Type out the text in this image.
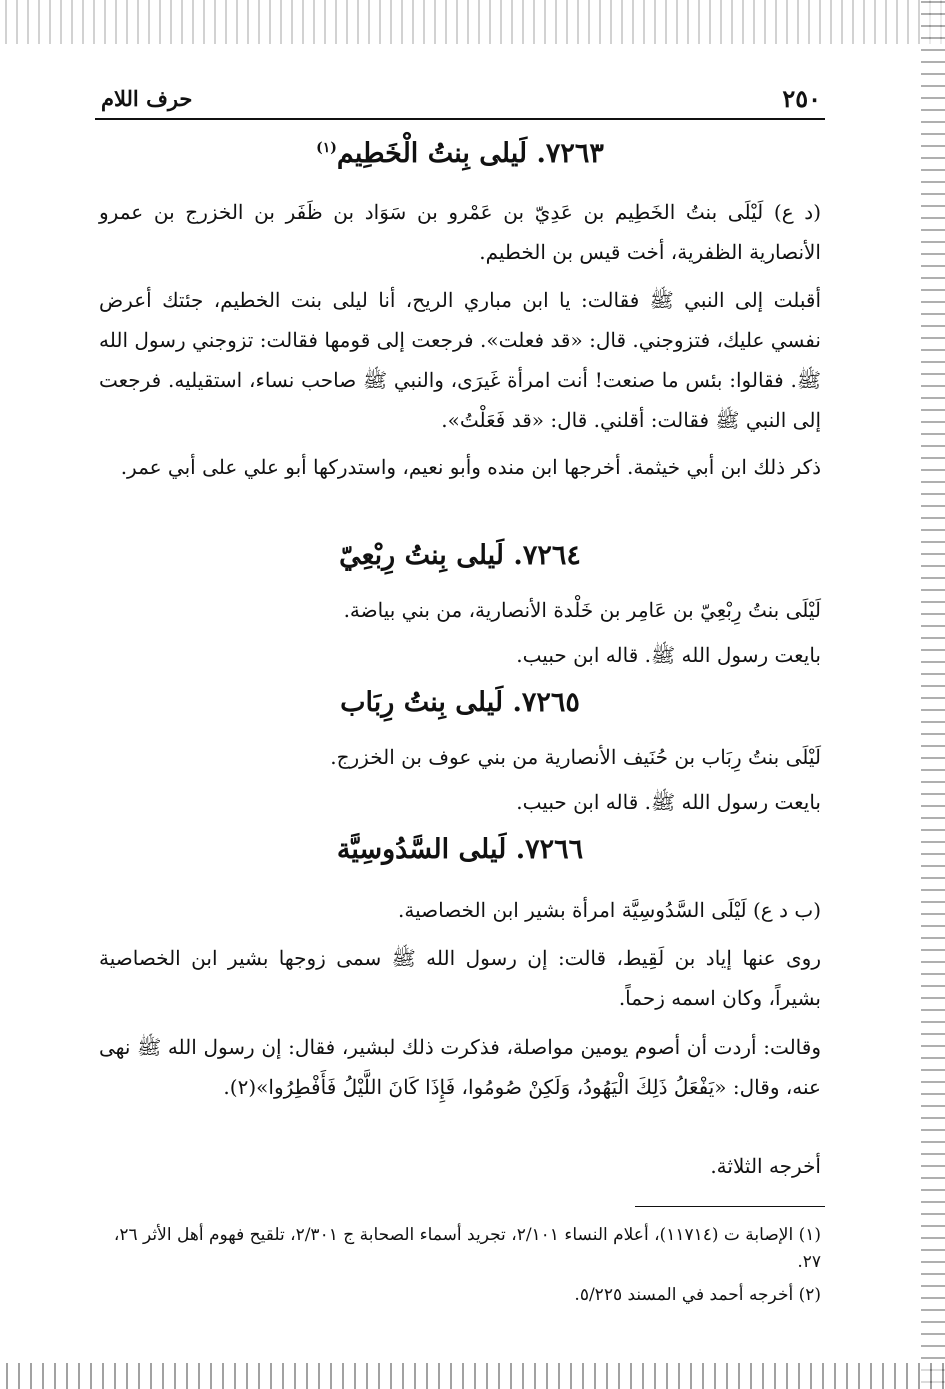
٢٥٠
حرف اللام
٧٢٦٣. لَيلى بِنتُ الْخَطِيم$^{(١)}$
(د ع) لَيْلَى بنتُ الخَطِيم بن عَدِيّ بن عَمْرو بن سَوَاد بن ظَفَر بن الخزرج بن عمرو الأنصارية الظفرية، أخت قيس بن الخطيم.
أقبلت إلى النبي ﷺ فقالت: يا ابن مباري الريح، أنا ليلى بنت الخطيم، جئتك أعرض نفسي عليك، فتزوجني. قال: «قد فعلت». فرجعت إلى قومها فقالت: تزوجني رسول الله ﷺ. فقالوا: بئس ما صنعت! أنت امرأة غَيرَى، والنبي ﷺ صاحب نساء، استقيليه. فرجعت إلى النبي ﷺ فقالت: أقلني. قال: «قد فَعَلْتُ».
ذكر ذلك ابن أبي خيثمة. أخرجها ابن منده وأبو نعيم، واستدركها أبو علي على أبي عمر.
٧٢٦٤. لَيلى بِنتُ رِبْعِيّ
لَيْلَى بنتُ رِبْعِيّ بن عَامِر بن خَلْدة الأنصارية، من بني بياضة.
بايعت رسول الله ﷺ. قاله ابن حبيب.
٧٢٦٥. لَيلى بِنتُ رِبَاب
لَيْلَى بنتُ رِبَاب بن حُنَيف الأنصارية من بني عوف بن الخزرج.
بايعت رسول الله ﷺ. قاله ابن حبيب.
٧٢٦٦. لَيلى السَّدُوسِيَّة
(ب د ع) لَيْلَى السَّدُوسِيَّة امرأة بشير ابن الخصاصية.
روى عنها إياد بن لَقِيط، قالت: إن رسول الله ﷺ سمى زوجها بشير ابن الخصاصية بشيراً، وكان اسمه زحماً.
وقالت: أردت أن أصوم يومين مواصلة، فذكرت ذلك لبشير، فقال: إن رسول الله ﷺ نهى عنه، وقال: «يَفْعَلُ ذَلِكَ الْيَهُودُ، وَلَكِنْ صُومُوا، فَإِذَا كَانَ اللَّيْلُ فَأَفْطِرُوا»(٢).
أخرجه الثلاثة.
(١) الإصابة ت (١١٧١٤)، أعلام النساء ٢/١٠١، تجريد أسماء الصحابة ج ٢/٣٠١، تلقيح فهوم أهل الأثر ٢٦، ٢٧.
(٢) أخرجه أحمد في المسند ٥/٢٢٥.
